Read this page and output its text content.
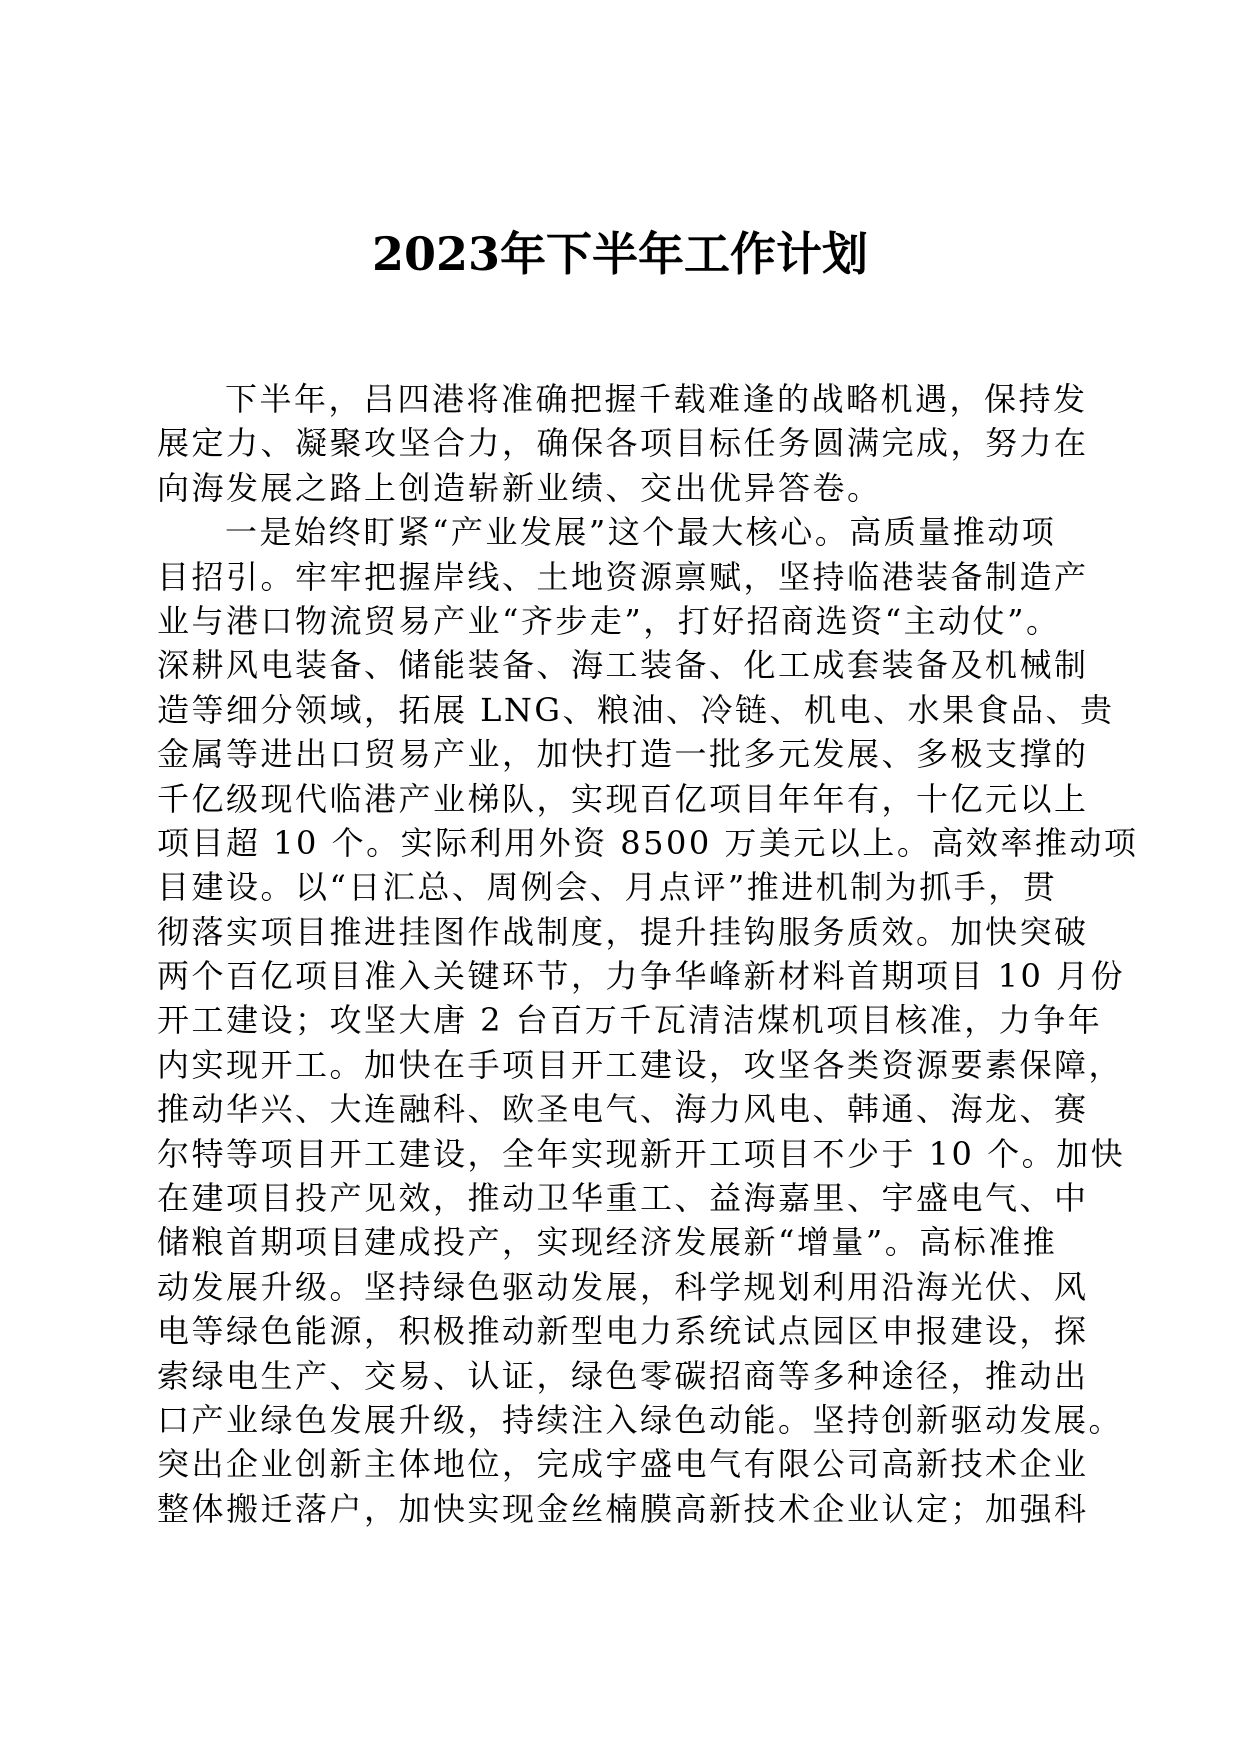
2023年下半年工作计划
下半年，吕四港将准确把握千载难逢的战略机遇，保持发
展定力、凝聚攻坚合力，确保各项目标任务圆满完成，努力在
向海发展之路上创造崭新业绩、交出优异答卷。
一是始终盯紧“产业发展”这个最大核心。高质量推动项
目招引。牢牢把握岸线、土地资源禀赋，坚持临港装备制造产
业与港口物流贸易产业“齐步走”，打好招商选资“主动仗”。
深耕风电装备、储能装备、海工装备、化工成套装备及机械制
造等细分领域，拓展 LNG、粮油、冷链、机电、水果食品、贵
金属等进出口贸易产业，加快打造一批多元发展、多极支撑的
千亿级现代临港产业梯队，实现百亿项目年年有，十亿元以上
项目超 10 个。实际利用外资 8500 万美元以上。高效率推动项
目建设。以“日汇总、周例会、月点评”推进机制为抓手，贯
彻落实项目推进挂图作战制度，提升挂钩服务质效。加快突破
两个百亿项目准入关键环节，力争华峰新材料首期项目 10 月份
开工建设；攻坚大唐 2 台百万千瓦清洁煤机项目核准，力争年
内实现开工。加快在手项目开工建设，攻坚各类资源要素保障，
推动华兴、大连融科、欧圣电气、海力风电、韩通、海龙、赛
尔特等项目开工建设，全年实现新开工项目不少于 10 个。加快
在建项目投产见效，推动卫华重工、益海嘉里、宇盛电气、中
储粮首期项目建成投产，实现经济发展新“增量”。高标准推
动发展升级。坚持绿色驱动发展，科学规划利用沿海光伏、风
电等绿色能源，积极推动新型电力系统试点园区申报建设，探
索绿电生产、交易、认证，绿色零碳招商等多种途径，推动出
口产业绿色发展升级，持续注入绿色动能。坚持创新驱动发展。
突出企业创新主体地位，完成宇盛电气有限公司高新技术企业
整体搬迁落户，加快实现金丝楠膜高新技术企业认定；加强科
